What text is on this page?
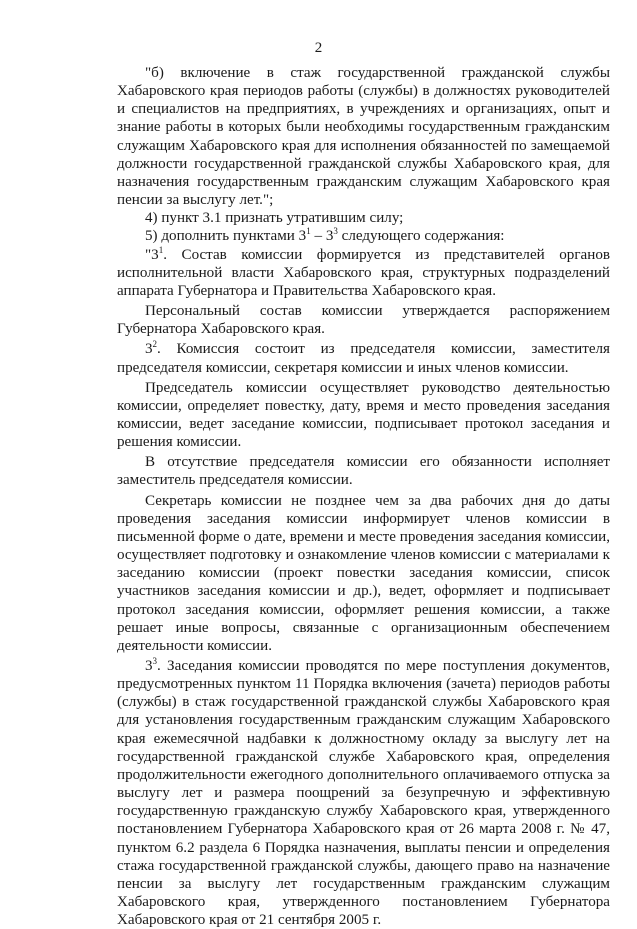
2

"б) включение в стаж государственной гражданской службы Хабаровского края периодов работы (службы) в должностях руководителей и специалистов на предприятиях, в учреждениях и организациях, опыт и знание работы в которых были необходимы государственным гражданским служащим Хабаровского края для исполнения обязанностей по замещаемой должности государственной гражданской службы Хабаровского края, для назначения государственным гражданским служащим Хабаровского края пенсии за выслугу лет.";

4) пункт 3.1 признать утратившим силу;

5) дополнить пунктами $3^1 - 3^3$ следующего содержания:

"$3^1$. Состав комиссии формируется из представителей органов исполнительной власти Хабаровского края, структурных подразделений аппарата Губернатора и Правительства Хабаровского края.

Персональный состав комиссии утверждается распоряжением Губернатора Хабаровского края.

$3^2$. Комиссия состоит из председателя комиссии, заместителя председателя комиссии, секретаря комиссии и иных членов комиссии.

Председатель комиссии осуществляет руководство деятельностью комиссии, определяет повестку, дату, время и место проведения заседания комиссии, ведет заседание комиссии, подписывает протокол заседания и решения комиссии.

В отсутствие председателя комиссии его обязанности исполняет заместитель председателя комиссии.

Секретарь комиссии не позднее чем за два рабочих дня до даты проведения заседания комиссии информирует членов комиссии в письменной форме о дате, времени и месте проведения заседания комиссии, осуществляет подготовку и ознакомление членов комиссии с материалами к заседанию комиссии (проект повестки заседания комиссии, список участников заседания комиссии и др.), ведет, оформляет и подписывает протокол заседания комиссии, оформляет решения комиссии, а также решает иные вопросы, связанные с организационным обеспечением деятельности комиссии.

$3^3$. Заседания комиссии проводятся по мере поступления документов, предусмотренных пунктом 11 Порядка включения (зачета) периодов работы (службы) в стаж государственной гражданской службы Хабаровского края для установления государственным гражданским служащим Хабаровского края ежемесячной надбавки к должностному окладу за выслугу лет на государственной гражданской службе Хабаровского края, определения продолжительности ежегодного дополнительного оплачиваемого отпуска за выслугу лет и размера поощрений за безупречную и эффективную государственную гражданскую службу Хабаровского края, утвержденного постановлением Губернатора Хабаровского края от 26 марта 2008 г. № 47, пунктом 6.2 раздела 6 Порядка назначения, выплаты пенсии и определения стажа государственной гражданской службы, дающего право на назначение пенсии за выслугу лет государственным гражданским служащим Хабаровского края, утвержденного постановлением Губернатора Хабаровского края от 21 сентября 2005 г.
